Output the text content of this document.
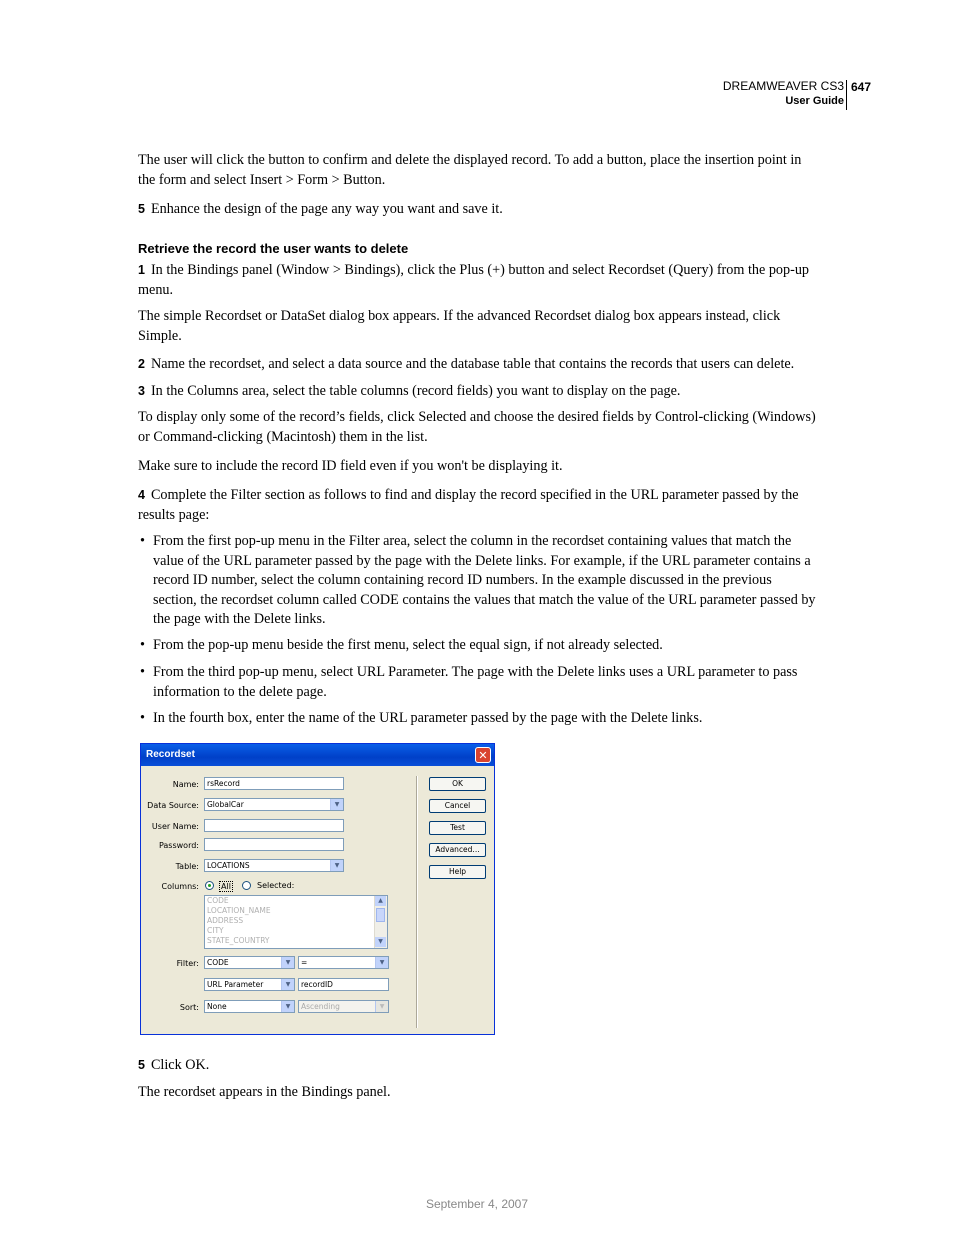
DREAMWEAVER CS3
User Guide
647

The user will click the button to confirm and delete the displayed record. To add a button, place the insertion point in the form and select Insert > Form > Button.

5 Enhance the design of the page any way you want and save it.

Retrieve the record the user wants to delete

1 In the Bindings panel (Window > Bindings), click the Plus (+) button and select Recordset (Query) from the pop-up menu.

The simple Recordset or DataSet dialog box appears. If the advanced Recordset dialog box appears instead, click Simple.

2 Name the recordset, and select a data source and the database table that contains the records that users can delete.

3 In the Columns area, select the table columns (record fields) you want to display on the page.

To display only some of the record’s fields, click Selected and choose the desired fields by Control-clicking (Windows) or Command-clicking (Macintosh) them in the list.

Make sure to include the record ID field even if you won't be displaying it.

4 Complete the Filter section as follows to find and display the record specified in the URL parameter passed by the results page:

• From the first pop-up menu in the Filter area, select the column in the recordset containing values that match the value of the URL parameter passed by the page with the Delete links. For example, if the URL parameter contains a record ID number, select the column containing record ID numbers. In the example discussed in the previous section, the recordset column called CODE contains the values that match the value of the URL parameter passed by the page with the Delete links.
• From the pop-up menu beside the first menu, select the equal sign, if not already selected.
• From the third pop-up menu, select URL Parameter. The page with the Delete links uses a URL parameter to pass information to the delete page.
• In the fourth box, enter the name of the URL parameter passed by the page with the Delete links.
Recordset	✕
Name:	rsRecord
Data Source:	GlobalCar	▼
User Name:
Password:
Table:	LOCATIONS	▼
Columns:	All	Selected:
CODE
LOCATION_NAME
ADDRESS
CITY
STATE_COUNTRY
▲
▼
Filter:	CODE	▼	=	▼
URL Parameter	▼	recordID
Sort:	None	▼	Ascending	▼
OK
Cancel
Test
Advanced...
Help

5 Click OK.

The recordset appears in the Bindings panel.

September 4, 2007
